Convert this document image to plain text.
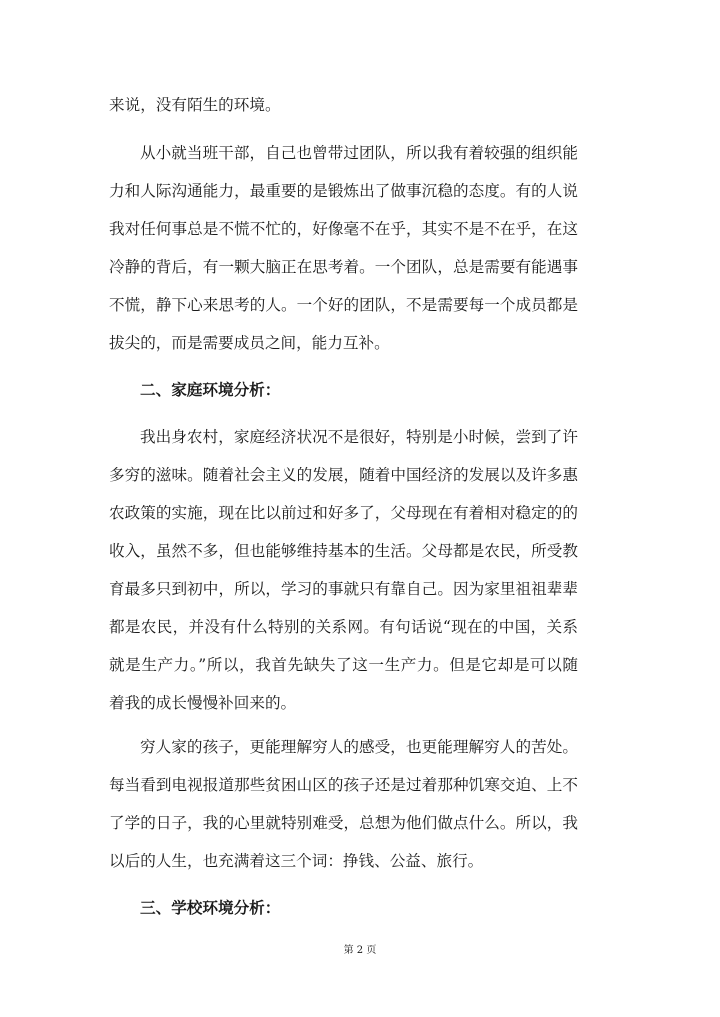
来说，没有陌生的环境。
从小就当班干部，自己也曾带过团队，所以我有着较强的组织能
力和人际沟通能力，最重要的是锻炼出了做事沉稳的态度。有的人说
我对任何事总是不慌不忙的，好像毫不在乎，其实不是不在乎，在这
冷静的背后，有一颗大脑正在思考着。一个团队，总是需要有能遇事
不慌，静下心来思考的人。一个好的团队，不是需要每一个成员都是
拔尖的，而是需要成员之间，能力互补。
二、家庭环境分析：
我出身农村，家庭经济状况不是很好，特别是小时候，尝到了许
多穷的滋味。随着社会主义的发展，随着中国经济的发展以及许多惠
农政策的实施，现在比以前过和好多了，父母现在有着相对稳定的的
收入，虽然不多，但也能够维持基本的生活。父母都是农民，所受教
育最多只到初中，所以，学习的事就只有靠自己。因为家里祖祖辈辈
都是农民，并没有什么特别的关系网。有句话说“现在的中国，关系
就是生产力。”所以，我首先缺失了这一生产力。但是它却是可以随
着我的成长慢慢补回来的。
穷人家的孩子，更能理解穷人的感受，也更能理解穷人的苦处。
每当看到电视报道那些贫困山区的孩子还是过着那种饥寒交迫、上不
了学的日子，我的心里就特别难受，总想为他们做点什么。所以，我
以后的人生，也充满着这三个词：挣钱、公益、旅行。
三、学校环境分析：
第 2 页
